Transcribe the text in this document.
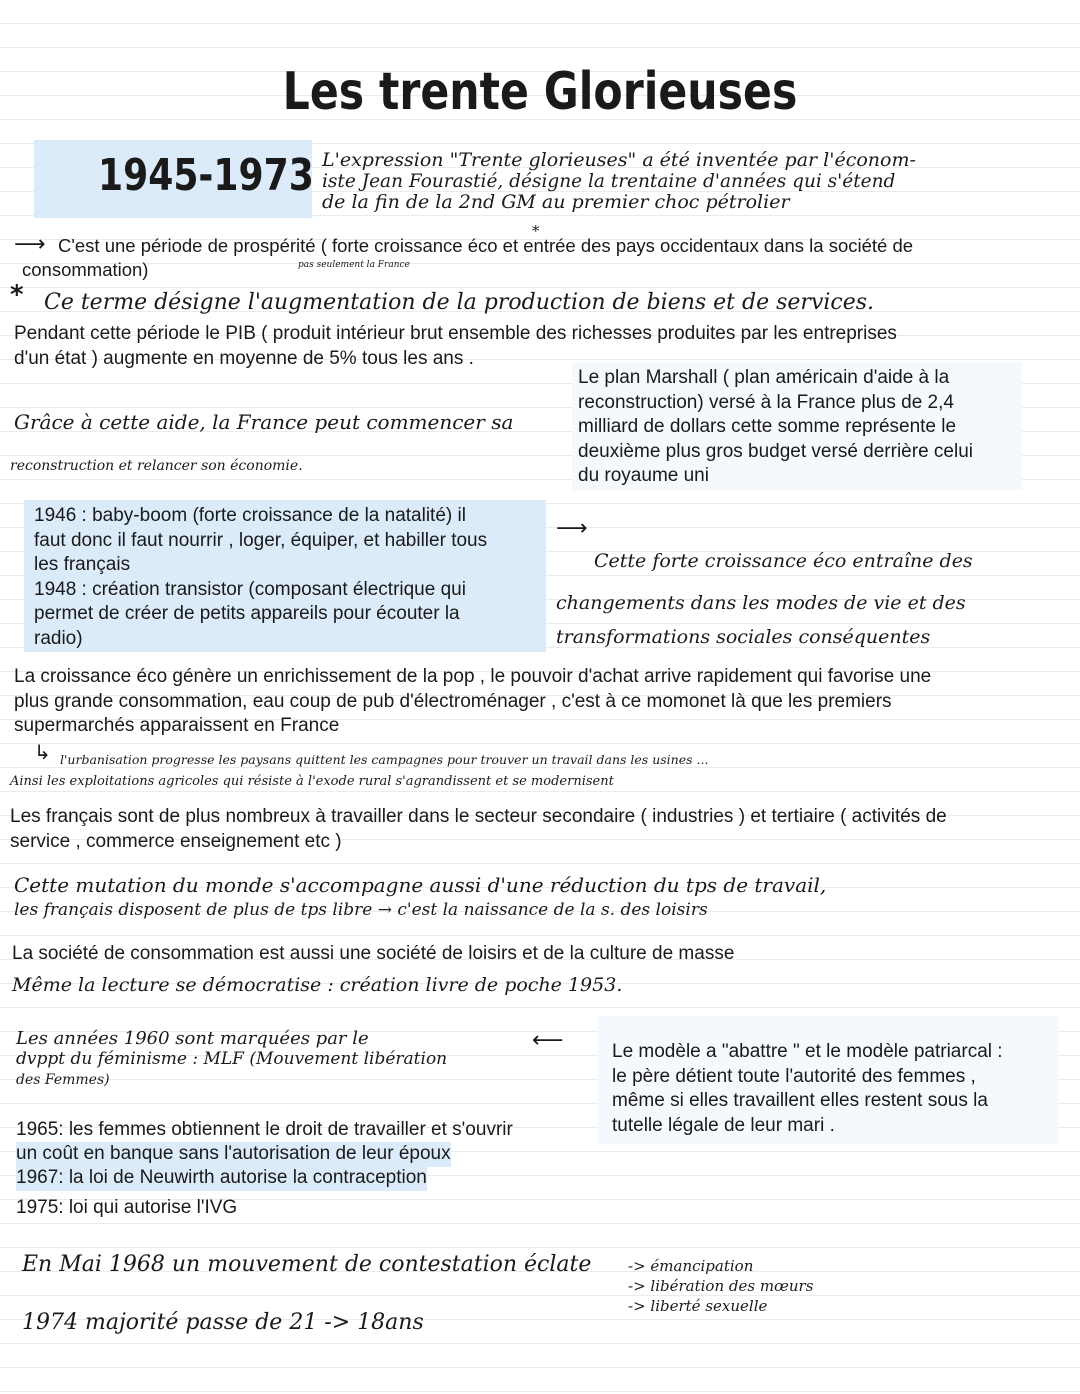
Les trente Glorieuses
1945-1973 L'expression "Trente glorieuses" a été inventée par l'économ-
iste Jean Fourastié, désigne la trentaine d'années qui s'étend
de la fin de la 2nd GM au premier choc pétrolier
⟶ C'est une période de prospérité ( forte croissance éco et entrée des pays occidentaux dans la société de
consommation)	pas seulement la France
*
* Ce terme désigne l'augmentation de la production de biens et de services.
Pendant cette période le PIB ( produit intérieur brut ensemble des richesses produites par les entreprises
d'un état ) augmente en moyenne de 5% tous les ans .
Le plan Marshall ( plan américain d'aide à la
reconstruction) versé à la France plus de 2,4
milliard de dollars cette somme représente le
deuxième plus gros budget versé derrière celui
du royaume uni
Grâce à cette aide, la France peut commencer sa
reconstruction et relancer son économie.
1946 : baby-boom (forte croissance de la natalité) il
faut donc il faut nourrir , loger, équiper, et habiller tous
les français
1948 : création transistor (composant électrique qui
permet de créer de petits appareils pour écouter la
radio)
⟶
Cette forte croissance éco entraîne des
changements dans les modes de vie et des
transformations sociales conséquentes
La croissance éco génère un enrichissement de la pop , le pouvoir d'achat arrive rapidement qui favorise une
plus grande consommation, eau coup de pub d'électroménager , c'est à ce momonet là que les premiers
supermarchés apparaissent en France
↳ l'urbanisation progresse les paysans quittent les campagnes pour trouver un travail dans les usines ...
Ainsi les exploitations agricoles qui résiste à l'exode rural s'agrandissent et se modernisent
Les français sont de plus nombreux à travailler dans le secteur secondaire ( industries ) et tertiaire ( activités de
service , commerce enseignement etc )
Cette mutation du monde s'accompagne aussi d'une réduction du tps de travail,
les français disposent de plus de tps libre → c'est la naissance de la s. des loisirs
La société de consommation est aussi une société de loisirs et de la culture de masse
Même la lecture se démocratise : création livre de poche 1953.
Les années 1960 sont marquées par le
dvppt du féminisme : MLF (Mouvement libération
des Femmes)
⟵	Le modèle a "abattre " et le modèle patriarcal :
le père détient toute l'autorité des femmes ,
même si elles travaillent elles restent sous la
tutelle légale de leur mari .
1965: les femmes obtiennent le droit de travailler et s'ouvrir
un coût en banque sans l'autorisation de leur époux
1967: la loi de Neuwirth autorise la contraception
1975: loi qui autorise l'IVG
En Mai 1968 un mouvement de contestation éclate -> émancipation
-> libération des mœurs
-> liberté sexuelle
1974 majorité passe de 21 -> 18ans
